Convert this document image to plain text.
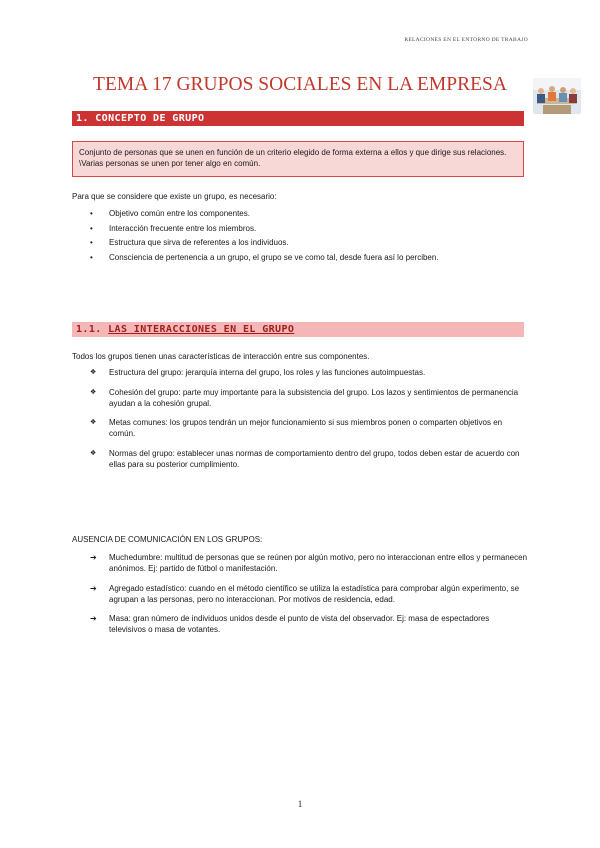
RELACIONES EN EL ENTORNO DE TRABAJO
TEMA 17 GRUPOS SOCIALES EN LA EMPRESA
1. CONCEPTO DE GRUPO
Conjunto de personas que se unen en función de un criterio elegido de forma externa a ellos y que dirige sus relaciones. \Varias personas se unen por tener algo en común.

Para que se considere que existe un grupo, es necesario:

• Objetivo común entre los componentes.
• Interacción frecuente entre los miembros.
• Estructura que sirva de referentes a los individuos.
• Consciencia de pertenencia a un grupo, el grupo se ve como tal, desde fuera así lo perciben.
1.1. LAS INTERACCIONES EN EL GRUPO

Todos los grupos tienen unas características de interacción entre sus componentes.

❖ Estructura del grupo: jerarquía interna del grupo, los roles y las funciones autoimpuestas.
❖ Cohesión del grupo: parte muy importante para la subsistencia del grupo. Los lazos y sentimientos de permanencia ayudan a la cohesión grupal.
❖ Metas comunes: los grupos tendrán un mejor funcionamiento si sus miembros ponen o comparten objetivos en común.
❖ Normas del grupo: establecer unas normas de comportamiento dentro del grupo, todos deben estar de acuerdo con ellas para su posterior cumplimiento.

AUSENCIA DE COMUNICACIÓN EN LOS GRUPOS:

➔ Muchedumbre: multitud de personas que se reúnen por algún motivo, pero no interaccionan entre ellos y permanecen anónimos. Ej: partido de fútbol o manifestación.
➔ Agregado estadístico: cuando en el método científico se utiliza la estadística para comprobar algún experimento, se agrupan a las personas, pero no interaccionan. Por motivos de residencia, edad.
➔ Masa: gran número de individuos unidos desde el punto de vista del observador. Ej: masa de espectadores televisivos o masa de votantes.
1
